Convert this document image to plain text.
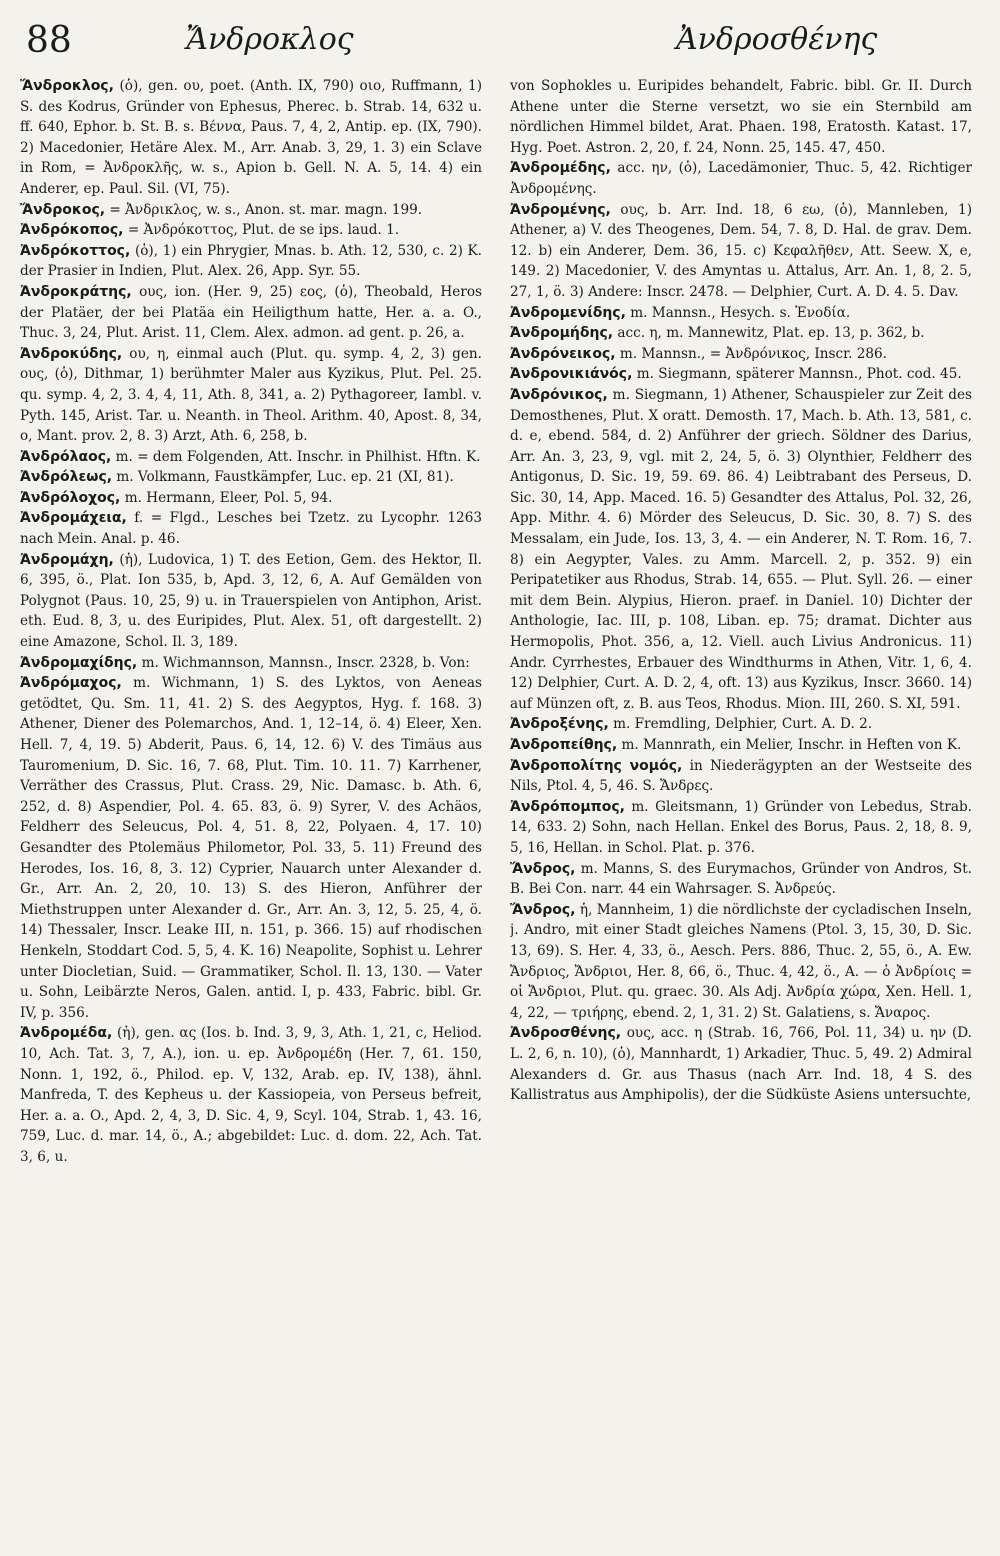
88	Ἄνδροκλος	Ἀνδροσθένης

Ἄνδροκλος, (ὁ), gen. ου, poet. (Anth. IX, 790) οιο, Ruffmann, 1) S. des Kodrus, Gründer von Ephesus, Pherec. b. Strab. 14, 632 u. ff. 640, Ephor. b. St. B. s. Βέννα, Paus. 7, 4, 2, Antip. ep. (IX, 790). 2) Macedonier, Hetäre Alex. M., Arr. Anab. 3, 29, 1. 3) ein Sclave in Rom, = Ἀνδροκλῆς, w. s., Apion b. Gell. N. A. 5, 14. 4) ein Anderer, ep. Paul. Sil. (VI, 75).

Ἄνδροκος, = Ἀνδρικλος, w. s., Anon. st. mar. magn. 199.

Ἀνδρόκοπος, = Ἀνδρόκοττος, Plut. de se ips. laud. 1.

Ἀνδρόκοττος, (ὁ), 1) ein Phrygier, Mnas. b. Ath. 12, 530, c. 2) K. der Prasier in Indien, Plut. Alex. 26, App. Syr. 55.

Ἀνδροκράτης, ους, ion. (Her. 9, 25) εος, (ὁ), Theobald, Heros der Platäer, der bei Platäa ein Heiligthum hatte, Her. a. a. O., Thuc. 3, 24, Plut. Arist. 11, Clem. Alex. admon. ad gent. p. 26, a.

Ἀνδροκύδης, ου, η, einmal auch (Plut. qu. symp. 4, 2, 3) gen. ους, (ὁ), Dithmar, 1) berühmter Maler aus Kyzikus, Plut. Pel. 25. qu. symp. 4, 2, 3. 4, 4, 11, Ath. 8, 341, a. 2) Pythagoreer, Iambl. v. Pyth. 145, Arist. Tar. u. Neanth. in Theol. Arithm. 40, Apost. 8, 34, o, Mant. prov. 2, 8. 3) Arzt, Ath. 6, 258, b.

Ἀνδρόλαος, m. = dem Folgenden, Att. Inschr. in Philhist. Hftn. K.

Ἀνδρόλεως, m. Volkmann, Faustkämpfer, Luc. ep. 21 (XI, 81).

Ἀνδρόλοχος, m. Hermann, Eleer, Pol. 5, 94.

Ἀνδρομάχεια, f. = Flgd., Lesches bei Tzetz. zu Lycophr. 1263 nach Mein. Anal. p. 46.

Ἀνδρομάχη, (ἡ), Ludovica, 1) T. des Eetion, Gem. des Hektor, Il. 6, 395, ö., Plat. Ion 535, b, Apd. 3, 12, 6, A. Auf Gemälden von Polygnot (Paus. 10, 25, 9) u. in Trauerspielen von Antiphon, Arist. eth. Eud. 8, 3, u. des Euripides, Plut. Alex. 51, oft dargestellt. 2) eine Amazone, Schol. Il. 3, 189.

Ἀνδρομαχίδης, m. Wichmannson, Mannsn., Inscr. 2328, b. Von:

Ἀνδρόμαχος, m. Wichmann, 1) S. des Lyktos, von Aeneas getödtet, Qu. Sm. 11, 41. 2) S. des Aegyptos, Hyg. f. 168. 3) Athener, Diener des Polemarchos, And. 1, 12–14, ö. 4) Eleer, Xen. Hell. 7, 4, 19. 5) Abderit, Paus. 6, 14, 12. 6) V. des Timäus aus Tauromenium, D. Sic. 16, 7. 68, Plut. Tim. 10. 11. 7) Karrhener, Verräther des Crassus, Plut. Crass. 29, Nic. Damasc. b. Ath. 6, 252, d. 8) Aspendier, Pol. 4. 65. 83, ö. 9) Syrer, V. des Achäos, Feldherr des Seleucus, Pol. 4, 51. 8, 22, Polyaen. 4, 17. 10) Gesandter des Ptolemäus Philometor, Pol. 33, 5. 11) Freund des Herodes, Ios. 16, 8, 3. 12) Cyprier, Nauarch unter Alexander d. Gr., Arr. An. 2, 20, 10. 13) S. des Hieron, Anführer der Miethstruppen unter Alexander d. Gr., Arr. An. 3, 12, 5. 25, 4, ö. 14) Thessaler, Inscr. Leake III, n. 151, p. 366. 15) auf rhodischen Henkeln, Stoddart Cod. 5, 5, 4. K. 16) Neapolite, Sophist u. Lehrer unter Diocletian, Suid. — Grammatiker, Schol. Il. 13, 130. — Vater u. Sohn, Leibärzte Neros, Galen. antid. I, p. 433, Fabric. bibl. Gr. IV, p. 356.

Ἀνδρομέδα, (ἡ), gen. ας (Ios. b. Ind. 3, 9, 3, Ath. 1, 21, c, Heliod. 10, Ach. Tat. 3, 7, A.), ion. u. ep. Ἀνδρομέδη (Her. 7, 61. 150, Nonn. 1, 192, ö., Philod. ep. V, 132, Arab. ep. IV, 138), ähnl. Manfreda, T. des Kepheus u. der Kassiopeia, von Perseus befreit, Her. a. a. O., Apd. 2, 4, 3, D. Sic. 4, 9, Scyl. 104, Strab. 1, 43. 16, 759, Luc. d. mar. 14, ö., A.; abgebildet: Luc. d. dom. 22, Ach. Tat. 3, 6, u.

von Sophokles u. Euripides behandelt, Fabric. bibl. Gr. II. Durch Athene unter die Sterne versetzt, wo sie ein Sternbild am nördlichen Himmel bildet, Arat. Phaen. 198, Eratosth. Katast. 17, Hyg. Poet. Astron. 2, 20, f. 24, Nonn. 25, 145. 47, 450.

Ἀνδρομέδης, acc. ην, (ὁ), Lacedämonier, Thuc. 5, 42. Richtiger Ἀνδρομένης.

Ἀνδρομένης, ους, b. Arr. Ind. 18, 6 εω, (ὁ), Mannleben, 1) Athener, a) V. des Theogenes, Dem. 54, 7. 8, D. Hal. de grav. Dem. 12. b) ein Anderer, Dem. 36, 15. c) Κεφαλῆθεν, Att. Seew. X, e, 149. 2) Macedonier, V. des Amyntas u. Attalus, Arr. An. 1, 8, 2. 5, 27, 1, ö. 3) Andere: Inscr. 2478. — Delphier, Curt. A. D. 4. 5. Dav.

Ἀνδρομενίδης, m. Mannsn., Hesych. s. Ἐνοδία.

Ἀνδρομήδης, acc. η, m. Mannewitz, Plat. ep. 13, p. 362, b.

Ἀνδρόνεικος, m. Mannsn., = Ἀνδρόνικος, Inscr. 286.

Ἀνδρονικιάνός, m. Siegmann, späterer Mannsn., Phot. cod. 45.

Ἀνδρόνικος, m. Siegmann, 1) Athener, Schauspieler zur Zeit des Demosthenes, Plut. X oratt. Demosth. 17, Mach. b. Ath. 13, 581, c. d. e, ebend. 584, d. 2) Anführer der griech. Söldner des Darius, Arr. An. 3, 23, 9, vgl. mit 2, 24, 5, ö. 3) Olynthier, Feldherr des Antigonus, D. Sic. 19, 59. 69. 86. 4) Leibtrabant des Perseus, D. Sic. 30, 14, App. Maced. 16. 5) Gesandter des Attalus, Pol. 32, 26, App. Mithr. 4. 6) Mörder des Seleucus, D. Sic. 30, 8. 7) S. des Messalam, ein Jude, Ios. 13, 3, 4. — ein Anderer, N. T. Rom. 16, 7. 8) ein Aegypter, Vales. zu Amm. Marcell. 2, p. 352. 9) ein Peripatetiker aus Rhodus, Strab. 14, 655. — Plut. Syll. 26. — einer mit dem Bein. Alypius, Hieron. praef. in Daniel. 10) Dichter der Anthologie, Iac. III, p. 108, Liban. ep. 75; dramat. Dichter aus Hermopolis, Phot. 356, a, 12. Viell. auch Livius Andronicus. 11) Andr. Cyrrhestes, Erbauer des Windthurms in Athen, Vitr. 1, 6, 4. 12) Delphier, Curt. A. D. 2, 4, oft. 13) aus Kyzikus, Inscr. 3660. 14) auf Münzen oft, z. B. aus Teos, Rhodus. Mion. III, 260. S. XI, 591.

Ἀνδροξένης, m. Fremdling, Delphier, Curt. A. D. 2.

Ἀνδροπείθης, m. Mannrath, ein Melier, Inschr. in Heften von K.

Ἀνδροπολίτης νομός, in Niederägypten an der Westseite des Nils, Ptol. 4, 5, 46. S. Ἄνδρες.

Ἀνδρόπομπος, m. Gleitsmann, 1) Gründer von Lebedus, Strab. 14, 633. 2) Sohn, nach Hellan. Enkel des Borus, Paus. 2, 18, 8. 9, 5, 16, Hellan. in Schol. Plat. p. 376.

Ἄνδρος, m. Manns, S. des Eurymachos, Gründer von Andros, St. B. Bei Con. narr. 44 ein Wahrsager. S. Ἀνδρεύς.

Ἄνδρος, ἡ, Mannheim, 1) die nördlichste der cycladischen Inseln, j. Andro, mit einer Stadt gleiches Namens (Ptol. 3, 15, 30, D. Sic. 13, 69). S. Her. 4, 33, ö., Aesch. Pers. 886, Thuc. 2, 55, ö., A. Ew. Ἄνδριος, Ἄνδριοι, Her. 8, 66, ö., Thuc. 4, 42, ö., A. — ὁ Ἀνδρίοις = οἱ Ἄνδριοι, Plut. qu. graec. 30. Als Adj. Ἀνδρία χώρα, Xen. Hell. 1, 4, 22, — τριήρης, ebend. 2, 1, 31. 2) St. Galatiens, s. Ἄναρος.

Ἀνδροσθένης, ους, acc. η (Strab. 16, 766, Pol. 11, 34) u. ην (D. L. 2, 6, n. 10), (ὁ), Mannhardt, 1) Arkadier, Thuc. 5, 49. 2) Admiral Alexanders d. Gr. aus Thasus (nach Arr. Ind. 18, 4 S. des Kallistratus aus Amphipolis), der die Südküste Asiens untersuchte,
